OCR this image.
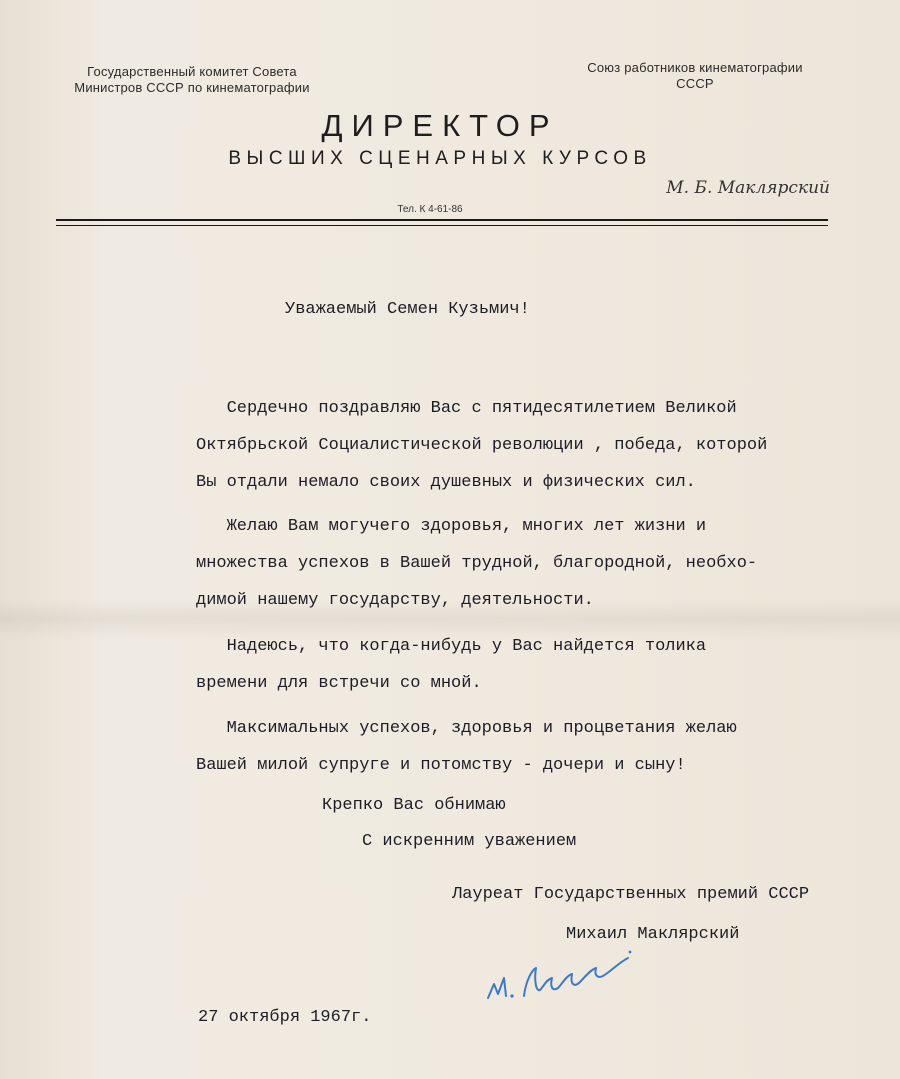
Государственный комитет Совета
Министров СССР по кинематографии
Союз работников кинематографии
СССР
ДИРЕКТОР
ВЫСШИХ СЦЕНАРНЫХ КУРСОВ
М. Б. Маклярский
Тел. К 4-61-86
Уважаемый Семен Кузьмич!
Сердечно поздравляю Вас с пятидесятилетием Великой
Октябрьской Социалистической революции , победа, которой
Вы отдали немало своих душевных и физических сил.
Желаю Вам могучего здоровья, многих лет жизни и
множества успехов в Вашей трудной, благородной, необхо-
димой нашему государству, деятельности.
Надеюсь, что когда-нибудь у Вас найдется толика
времени для встречи со мной.
Максимальных успехов, здоровья и процветания желаю
Вашей милой супруге и потомству - дочери и сыну!
Крепко Вас обнимаю
С искренним уважением
Лауреат Государственных премий СССР
Михаил Маклярский
27 октября 1967г.
